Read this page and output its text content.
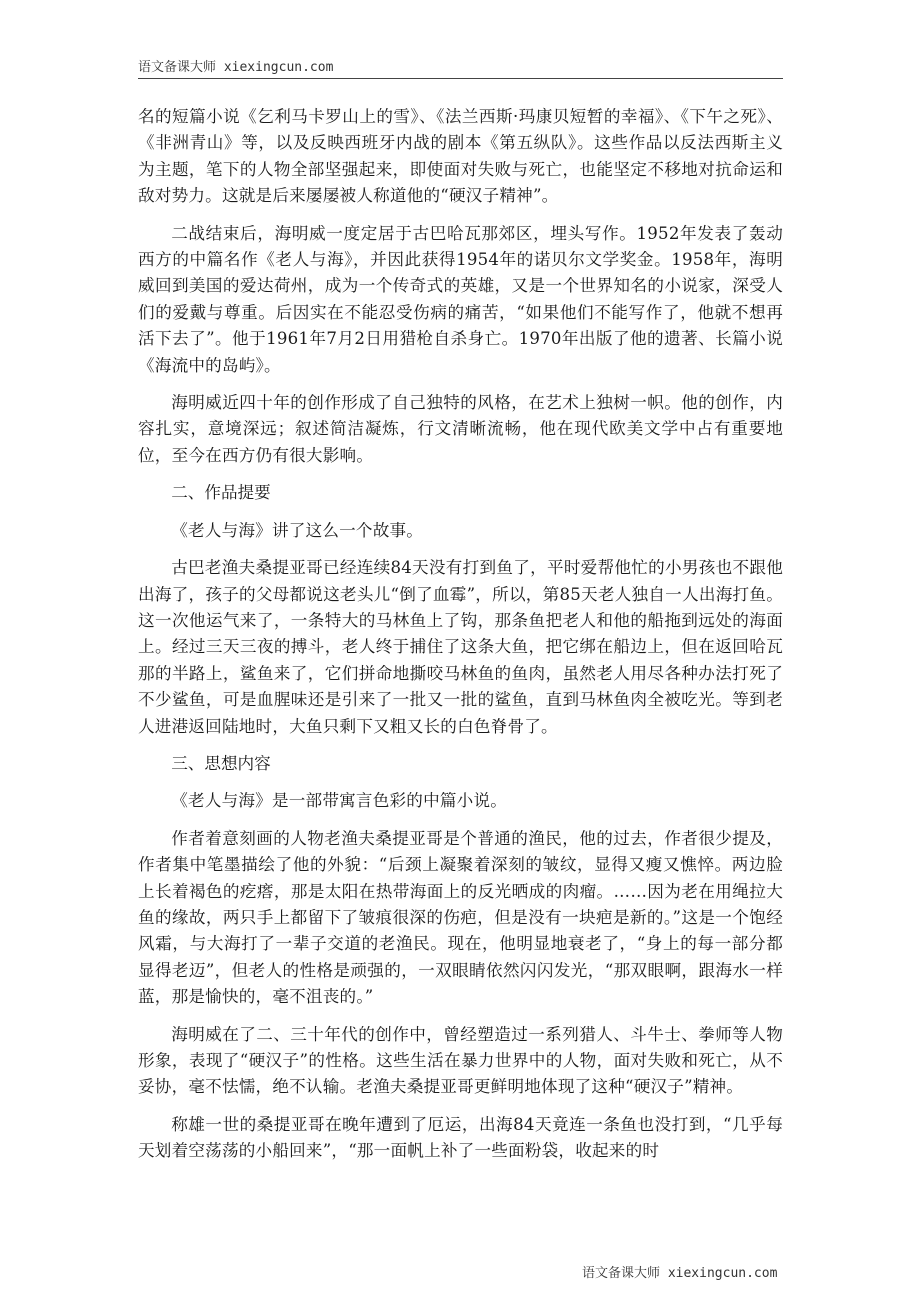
语文备课大师 xiexingcun.com

名的短篇小说《乞利马卡罗山上的雪》、《法兰西斯·玛康贝短暂的幸福》、《下午之死》、《非洲青山》等，以及反映西班牙内战的剧本《第五纵队》。这些作品以反法西斯主义为主题，笔下的人物全部坚强起来，即使面对失败与死亡，也能坚定不移地对抗命运和敌对势力。这就是后来屡屡被人称道他的“硬汉子精神”。

二战结束后，海明威一度定居于古巴哈瓦那郊区，埋头写作。1952年发表了轰动西方的中篇名作《老人与海》，并因此获得1954年的诺贝尔文学奖金。1958年，海明威回到美国的爱达荷州，成为一个传奇式的英雄，又是一个世界知名的小说家，深受人们的爱戴与尊重。后因实在不能忍受伤病的痛苦，“如果他们不能写作了，他就不想再活下去了”。他于1961年7月2日用猎枪自杀身亡。1970年出版了他的遗著、长篇小说《海流中的岛屿》。

海明威近四十年的创作形成了自己独特的风格，在艺术上独树一帜。他的创作，内容扎实，意境深远；叙述简洁凝炼，行文清晰流畅，他在现代欧美文学中占有重要地位，至今在西方仍有很大影响。

二、作品提要

《老人与海》讲了这么一个故事。

古巴老渔夫桑提亚哥已经连续84天没有打到鱼了，平时爱帮他忙的小男孩也不跟他出海了，孩子的父母都说这老头儿“倒了血霉”，所以，第85天老人独自一人出海打鱼。这一次他运气来了，一条特大的马林鱼上了钩，那条鱼把老人和他的船拖到远处的海面上。经过三天三夜的搏斗，老人终于捕住了这条大鱼，把它绑在船边上，但在返回哈瓦那的半路上，鲨鱼来了，它们拼命地撕咬马林鱼的鱼肉，虽然老人用尽各种办法打死了不少鲨鱼，可是血腥味还是引来了一批又一批的鲨鱼，直到马林鱼肉全被吃光。等到老人进港返回陆地时，大鱼只剩下又粗又长的白色脊骨了。

三、思想内容

《老人与海》是一部带寓言色彩的中篇小说。

作者着意刻画的人物老渔夫桑提亚哥是个普通的渔民，他的过去，作者很少提及，作者集中笔墨描绘了他的外貌：“后颈上凝聚着深刻的皱纹，显得又瘦又憔悴。两边脸上长着褐色的疙瘩，那是太阳在热带海面上的反光晒成的肉瘤。……因为老在用绳拉大鱼的缘故，两只手上都留下了皱痕很深的伤疤，但是没有一块疤是新的。”这是一个饱经风霜，与大海打了一辈子交道的老渔民。现在，他明显地衰老了，“身上的每一部分都显得老迈”，但老人的性格是顽强的，一双眼睛依然闪闪发光，“那双眼啊，跟海水一样蓝，那是愉快的，毫不沮丧的。”

海明威在了二、三十年代的创作中，曾经塑造过一系列猎人、斗牛士、拳师等人物形象，表现了“硬汉子”的性格。这些生活在暴力世界中的人物，面对失败和死亡，从不妥协，毫不怯懦，绝不认输。老渔夫桑提亚哥更鲜明地体现了这种“硬汉子”精神。

称雄一世的桑提亚哥在晚年遭到了厄运，出海84天竟连一条鱼也没打到，“几乎每天划着空荡荡的小船回来”，“那一面帆上补了一些面粉袋，收起来的时

语文备课大师 xiexingcun.com
